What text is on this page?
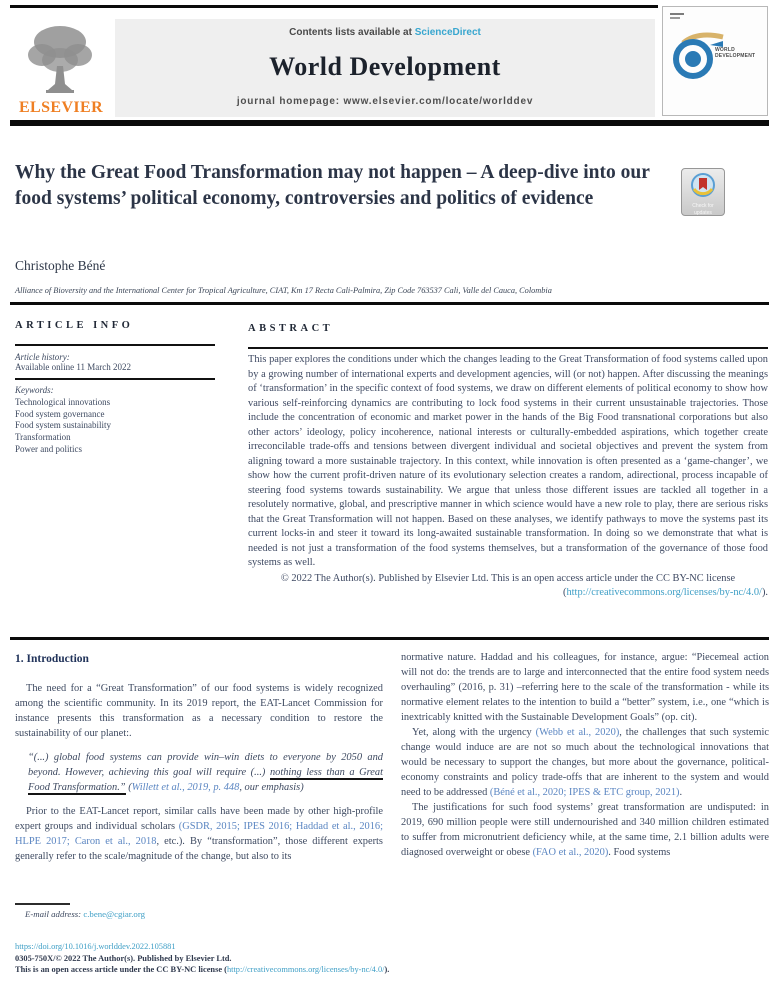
ELSEVIER
Contents lists available at ScienceDirect
World Development
journal homepage: www.elsevier.com/locate/worlddev
WORLD DEVELOPMENT
Why the Great Food Transformation may not happen – A deep-dive into our food systems’ political economy, controversies and politics of evidence	Check for
updates
Christophe Béné
Alliance of Bioversity and the International Center for Tropical Agriculture, CIAT, Km 17 Recta Cali-Palmira, Zip Code 763537 Cali, Valle del Cauca, Colombia
ARTICLE INFO	ABSTRACT
Article history:
Available online 11 March 2022
Keywords:
Technological innovations
Food system governance
Food system sustainability
Transformation
Power and politics
This paper explores the conditions under which the changes leading to the Great Transformation of food systems called upon by a growing number of international experts and development agencies, will (or not) happen. After discussing the meanings of ‘transformation’ in the specific context of food systems, we draw on different elements of political economy to show how various self-reinforcing dynamics are contributing to lock food systems in their current unsustainable trajectories. Those include the concentration of economic and market power in the hands of the Big Food transnational corporations but also other actors’ ideology, policy incoherence, national interests or culturally-embedded aspirations, which together create irreconcilable trade-offs and tensions between divergent individual and societal objectives and prevent the system from aligning toward a more sustainable trajectory. In this context, while innovation is often presented as a ‘game-changer’, we show how the current profit-driven nature of its evolutionary selection creates a random, adirectional, process incapable of steering food systems towards sustainability. We argue that unless those different issues are tackled all together in a resolutely normative, global, and prescriptive manner in which science would have a new role to play, there are serious risks that the Great Transformation will not happen. Based on these analyses, we identify pathways to move the systems past its current locks-in and steer it toward its long-awaited sustainable transformation. In doing so we demonstrate that what is needed is not just a transformation of the food systems themselves, but a transformation of the governance of those food systems as well.
© 2022 The Author(s). Published by Elsevier Ltd. This is an open access article under the CC BY-NC license
(http://creativecommons.org/licenses/by-nc/4.0/).
1. Introduction

The need for a “Great Transformation” of our food systems is widely recognized among the scientific community. In its 2019 report, the EAT-Lancet Commission for instance presents this transformation as a necessary condition to restore the sustainability of our planet:.

“(...) global food systems can provide win–win diets to everyone by 2050 and beyond. However, achieving this goal will require (...) nothing less than a Great Food Transformation.” (Willett et al., 2019, p. 448, our emphasis)

Prior to the EAT-Lancet report, similar calls have been made by other high-profile expert groups and individual scholars (GSDR, 2015; IPES 2016; Haddad et al., 2016; HLPE 2017; Caron et al., 2018, etc.). By “transformation”, those different experts generally refer to the scale/magnitude of the change, but also to its

normative nature. Haddad and his colleagues, for instance, argue: “Piecemeal action will not do: the trends are to large and interconnected that the entire food system needs overhauling” (2016, p. 31) –referring here to the scale of the transformation - while its normative element relates to the intention to build a “better” system, i.e., one “which is inextricably knitted with the Sustainable Development Goals” (op. cit).

Yet, along with the urgency (Webb et al., 2020), the challenges that such systemic change would induce are are not so much about the technological innovations that would be necessary to support the changes, but more about the governance, political-economy constraints and policy trade-offs that are inherent to the system and would need to be addressed (Béné et al., 2020; IPES & ETC group, 2021).

The justifications for such food systems’ great transformation are undisputed: in 2019, 690 million people were still undernourished and 340 million children estimated to suffer from micronutrient deficiency while, at the same time, 2.1 billion adults were diagnosed overweight or obese (FAO et al., 2020). Food systems

E-mail address: c.bene@cgiar.org
https://doi.org/10.1016/j.worlddev.2022.105881
0305-750X/© 2022 The Author(s). Published by Elsevier Ltd.
This is an open access article under the CC BY-NC license (http://creativecommons.org/licenses/by-nc/4.0/).
